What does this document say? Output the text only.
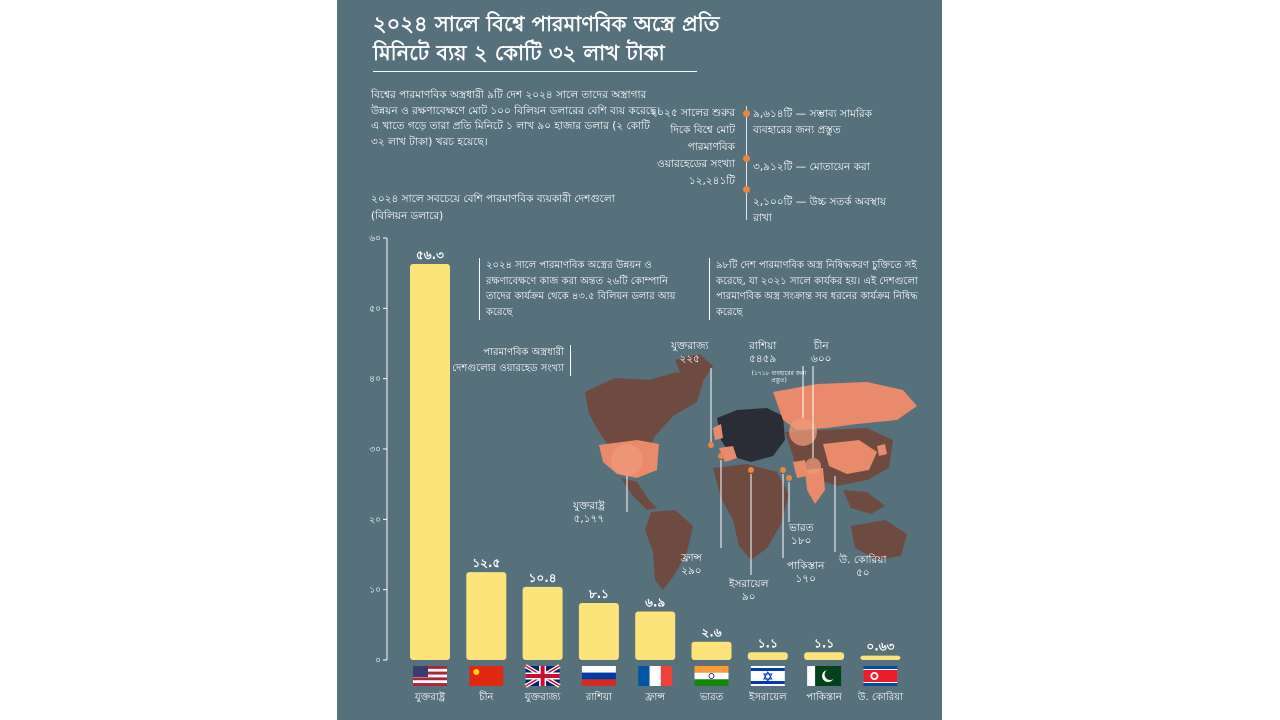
২০২৪ সালে বিশ্বে পারমাণবিক অস্ত্রে প্রতি
মিনিটে ব্যয় ২ কোটি ৩২ লাখ টাকা

বিশ্বের পারমাণবিক অস্ত্রধারী ৯টি দেশ ২০২৪ সালে তাদের অস্ত্রাগার উন্নয়ন ও রক্ষণাবেক্ষণে মোট ১০০ বিলিয়ন ডলারের বেশি ব্যয় করেছে। এ খাতে গড়ে তারা প্রতি মিনিটে ১ লাখ ৯০ হাজার ডলার (২ কোটি ৩২ লাখ টাকা) খরচ হয়েছে।

২০২৫ সালের শুরুর দিকে বিশ্বে মোট পারমাণবিক ওয়ারহেডের সংখ্যা ১২,২৪১টি
৯,৬১৪টি — সম্ভাব্য সামরিক ব্যবহারের জন্য প্রস্তুত
৩,৯১২টি — মোতায়েন করা
২,১০০টি — উচ্চ সতর্ক অবস্থায় রাখা
২০২৪ সালে সবচেয়ে বেশি পারমাণবিক ব্যয়কারী দেশগুলো (বিলিয়ন ডলারে)
০
১০
২০
৩০
৪০
৫০
৬০
৫৬.৩
১২.৫
১০.৪
৮.১
৬.৯
২.৬
১.১	১.১	০.৬৩
যুক্তরাষ্ট্র	চীন	যুক্তরাজ্য	রাশিয়া	ফ্রান্স	ভারত	ইসরায়েল পাকিস্তান উ. কোরিয়া
২০২৪ সালে পারমাণবিক অস্ত্রের উন্নয়ন ও রক্ষণাবেক্ষণে কাজ করা অন্তত ২৬টি কোম্পানি তাদের কার্যক্রম থেকে ৪৩.৫ বিলিয়ন ডলার আয় করেছে
৯৮টি দেশ পারমাণবিক অস্ত্র নিষিদ্ধকরণ চুক্তিতে সই করেছে, যা ২০২১ সালে কার্যকর হয়। এই দেশগুলো পারমাণবিক অস্ত্র সংক্রান্ত সব ধরনের কার্যক্রম নিষিদ্ধ করেছে
পারমাণবিক অস্ত্রধারী দেশগুলোর ওয়ারহেড সংখ্যা
যুক্তরাজ্য
২২৫
রাশিয়া
৫৪৫৯
(১৭১৮ ব্যবহারের জন্য প্রস্তুত)
চীন
৬০০
যুক্তরাষ্ট্র
৫,১৭৭
ফ্রান্স
২৯০
ইসরায়েল
৯০
ভারত
১৮০
পাকিস্তান
১৭০
উ. কোরিয়া
৫০
